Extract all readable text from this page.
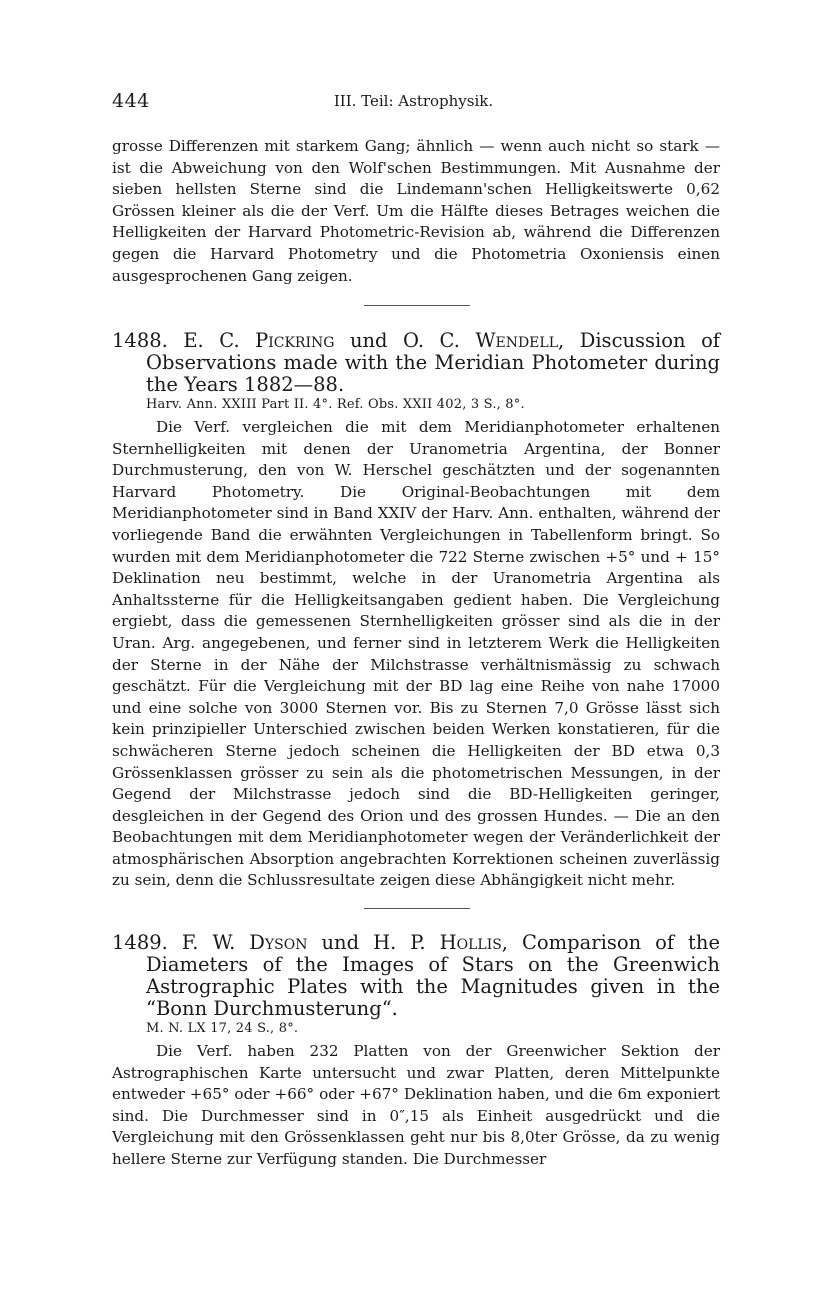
444	III. Teil: Astrophysik.

grosse Differenzen mit starkem Gang; ähnlich — wenn auch nicht so stark — ist die Abweichung von den Wolf'schen Bestimmungen. Mit Ausnahme der sieben hellsten Sterne sind die Lindemann'schen Helligkeitswerte 0,62 Grössen kleiner als die der Verf. Um die Hälfte dieses Betrages weichen die Helligkeiten der Harvard Photometric-Revision ab, während die Differenzen gegen die Harvard Photometry und die Photometria Oxoniensis einen ausgesprochenen Gang zeigen.

1488. E. C. Pickring und O. C. Wendell, Discussion of Observations made with the Meridian Photometer during the Years 1882—88.

Harv. Ann. XXIII Part II. 4°. Ref. Obs. XXII 402, 3 S., 8°.

Die Verf. vergleichen die mit dem Meridianphotometer erhaltenen Sternhelligkeiten mit denen der Uranometria Argentina, der Bonner Durchmusterung, den von W. Herschel geschätzten und der sogenannten Harvard Photometry. Die Original-Beobachtungen mit dem Meridianphotometer sind in Band XXIV der Harv. Ann. enthalten, während der vorliegende Band die erwähnten Vergleichungen in Tabellenform bringt. So wurden mit dem Meridianphotometer die 722 Sterne zwischen +5° und + 15° Deklination neu bestimmt, welche in der Uranometria Argentina als Anhaltssterne für die Helligkeitsangaben gedient haben. Die Vergleichung ergiebt, dass die gemessenen Sternhelligkeiten grösser sind als die in der Uran. Arg. angegebenen, und ferner sind in letzterem Werk die Helligkeiten der Sterne in der Nähe der Milchstrasse verhältnismässig zu schwach geschätzt. Für die Vergleichung mit der BD lag eine Reihe von nahe 17000 und eine solche von 3000 Sternen vor. Bis zu Sternen 7,0 Grösse lässt sich kein prinzipieller Unterschied zwischen beiden Werken konstatieren, für die schwächeren Sterne jedoch scheinen die Helligkeiten der BD etwa 0,3 Grössenklassen grösser zu sein als die photometrischen Messungen, in der Gegend der Milchstrasse jedoch sind die BD-Helligkeiten geringer, desgleichen in der Gegend des Orion und des grossen Hundes. — Die an den Beobachtungen mit dem Meridianphotometer wegen der Veränderlichkeit der atmosphärischen Absorption angebrachten Korrektionen scheinen zuverlässig zu sein, denn die Schlussresultate zeigen diese Abhängigkeit nicht mehr.

1489. F. W. Dyson und H. P. Hollis, Comparison of the Diameters of the Images of Stars on the Greenwich Astrographic Plates with the Magnitudes given in the “Bonn Durchmusterung“.

M. N. LX 17, 24 S., 8°.

Die Verf. haben 232 Platten von der Greenwicher Sektion der Astrographischen Karte untersucht und zwar Platten, deren Mittelpunkte entweder +65° oder +66° oder +67° Deklination haben, und die 6m exponiert sind. Die Durchmesser sind in 0″,15 als Einheit ausgedrückt und die Vergleichung mit den Grössenklassen geht nur bis 8,0ter Grösse, da zu wenig hellere Sterne zur Verfügung standen. Die Durchmesser
